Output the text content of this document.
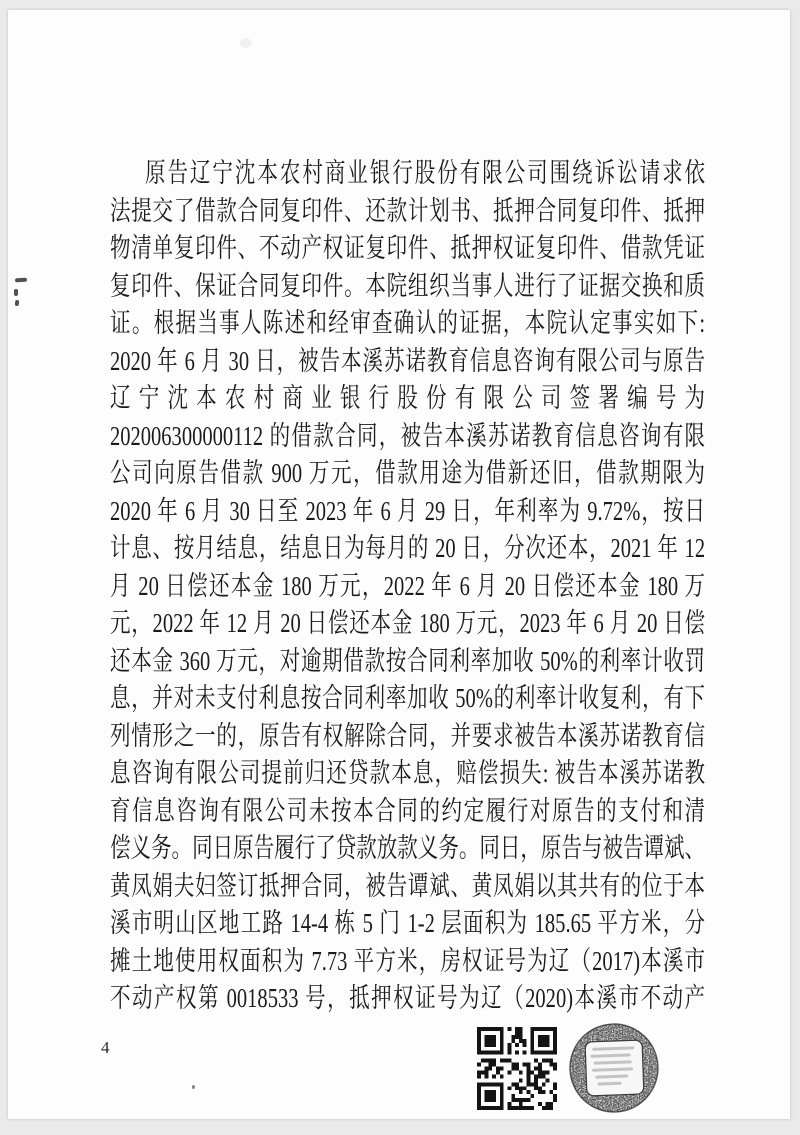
原告辽宁沈本农村商业银行股份有限公司围绕诉讼请求依
法提交了借款合同复印件、还款计划书、抵押合同复印件、抵押
物清单复印件、不动产权证复印件、抵押权证复印件、借款凭证
复印件、保证合同复印件。本院组织当事人进行了证据交换和质
证。根据当事人陈述和经审查确认的证据，本院认定事实如下:
2020 年 6 月 30 日，被告本溪苏诺教育信息咨询有限公司与原告
辽宁沈本农村商业银行股份有限公司签署编号为
202006300000112 的借款合同，被告本溪苏诺教育信息咨询有限
公司向原告借款 900 万元，借款用途为借新还旧，借款期限为
2020 年 6 月 30 日至 2023 年 6 月 29 日，年利率为 9.72%，按日
计息、按月结息，结息日为每月的 20 日，分次还本，2021 年 12
月 20 日偿还本金 180 万元，2022 年 6 月 20 日偿还本金 180 万
元，2022 年 12 月 20 日偿还本金 180 万元，2023 年 6 月 20 日偿
还本金 360 万元，对逾期借款按合同利率加收 50%的利率计收罚
息，并对未支付利息按合同利率加收 50%的利率计收复利，有下
列情形之一的，原告有权解除合同，并要求被告本溪苏诺教育信
息咨询有限公司提前归还贷款本息，赔偿损失: 被告本溪苏诺教
育信息咨询有限公司未按本合同的约定履行对原告的支付和清
偿义务。同日原告履行了贷款放款义务。同日，原告与被告谭斌、
黄凤娟夫妇签订抵押合同，被告谭斌、黄凤娟以其共有的位于本
溪市明山区地工路 14-4 栋 5 门 1-2 层面积为 185.65 平方米，分
摊土地使用权面积为 7.73 平方米，房权证号为辽（2017)本溪市
不动产权第 0018533 号，抵押权证号为辽（2020)本溪市不动产
4
